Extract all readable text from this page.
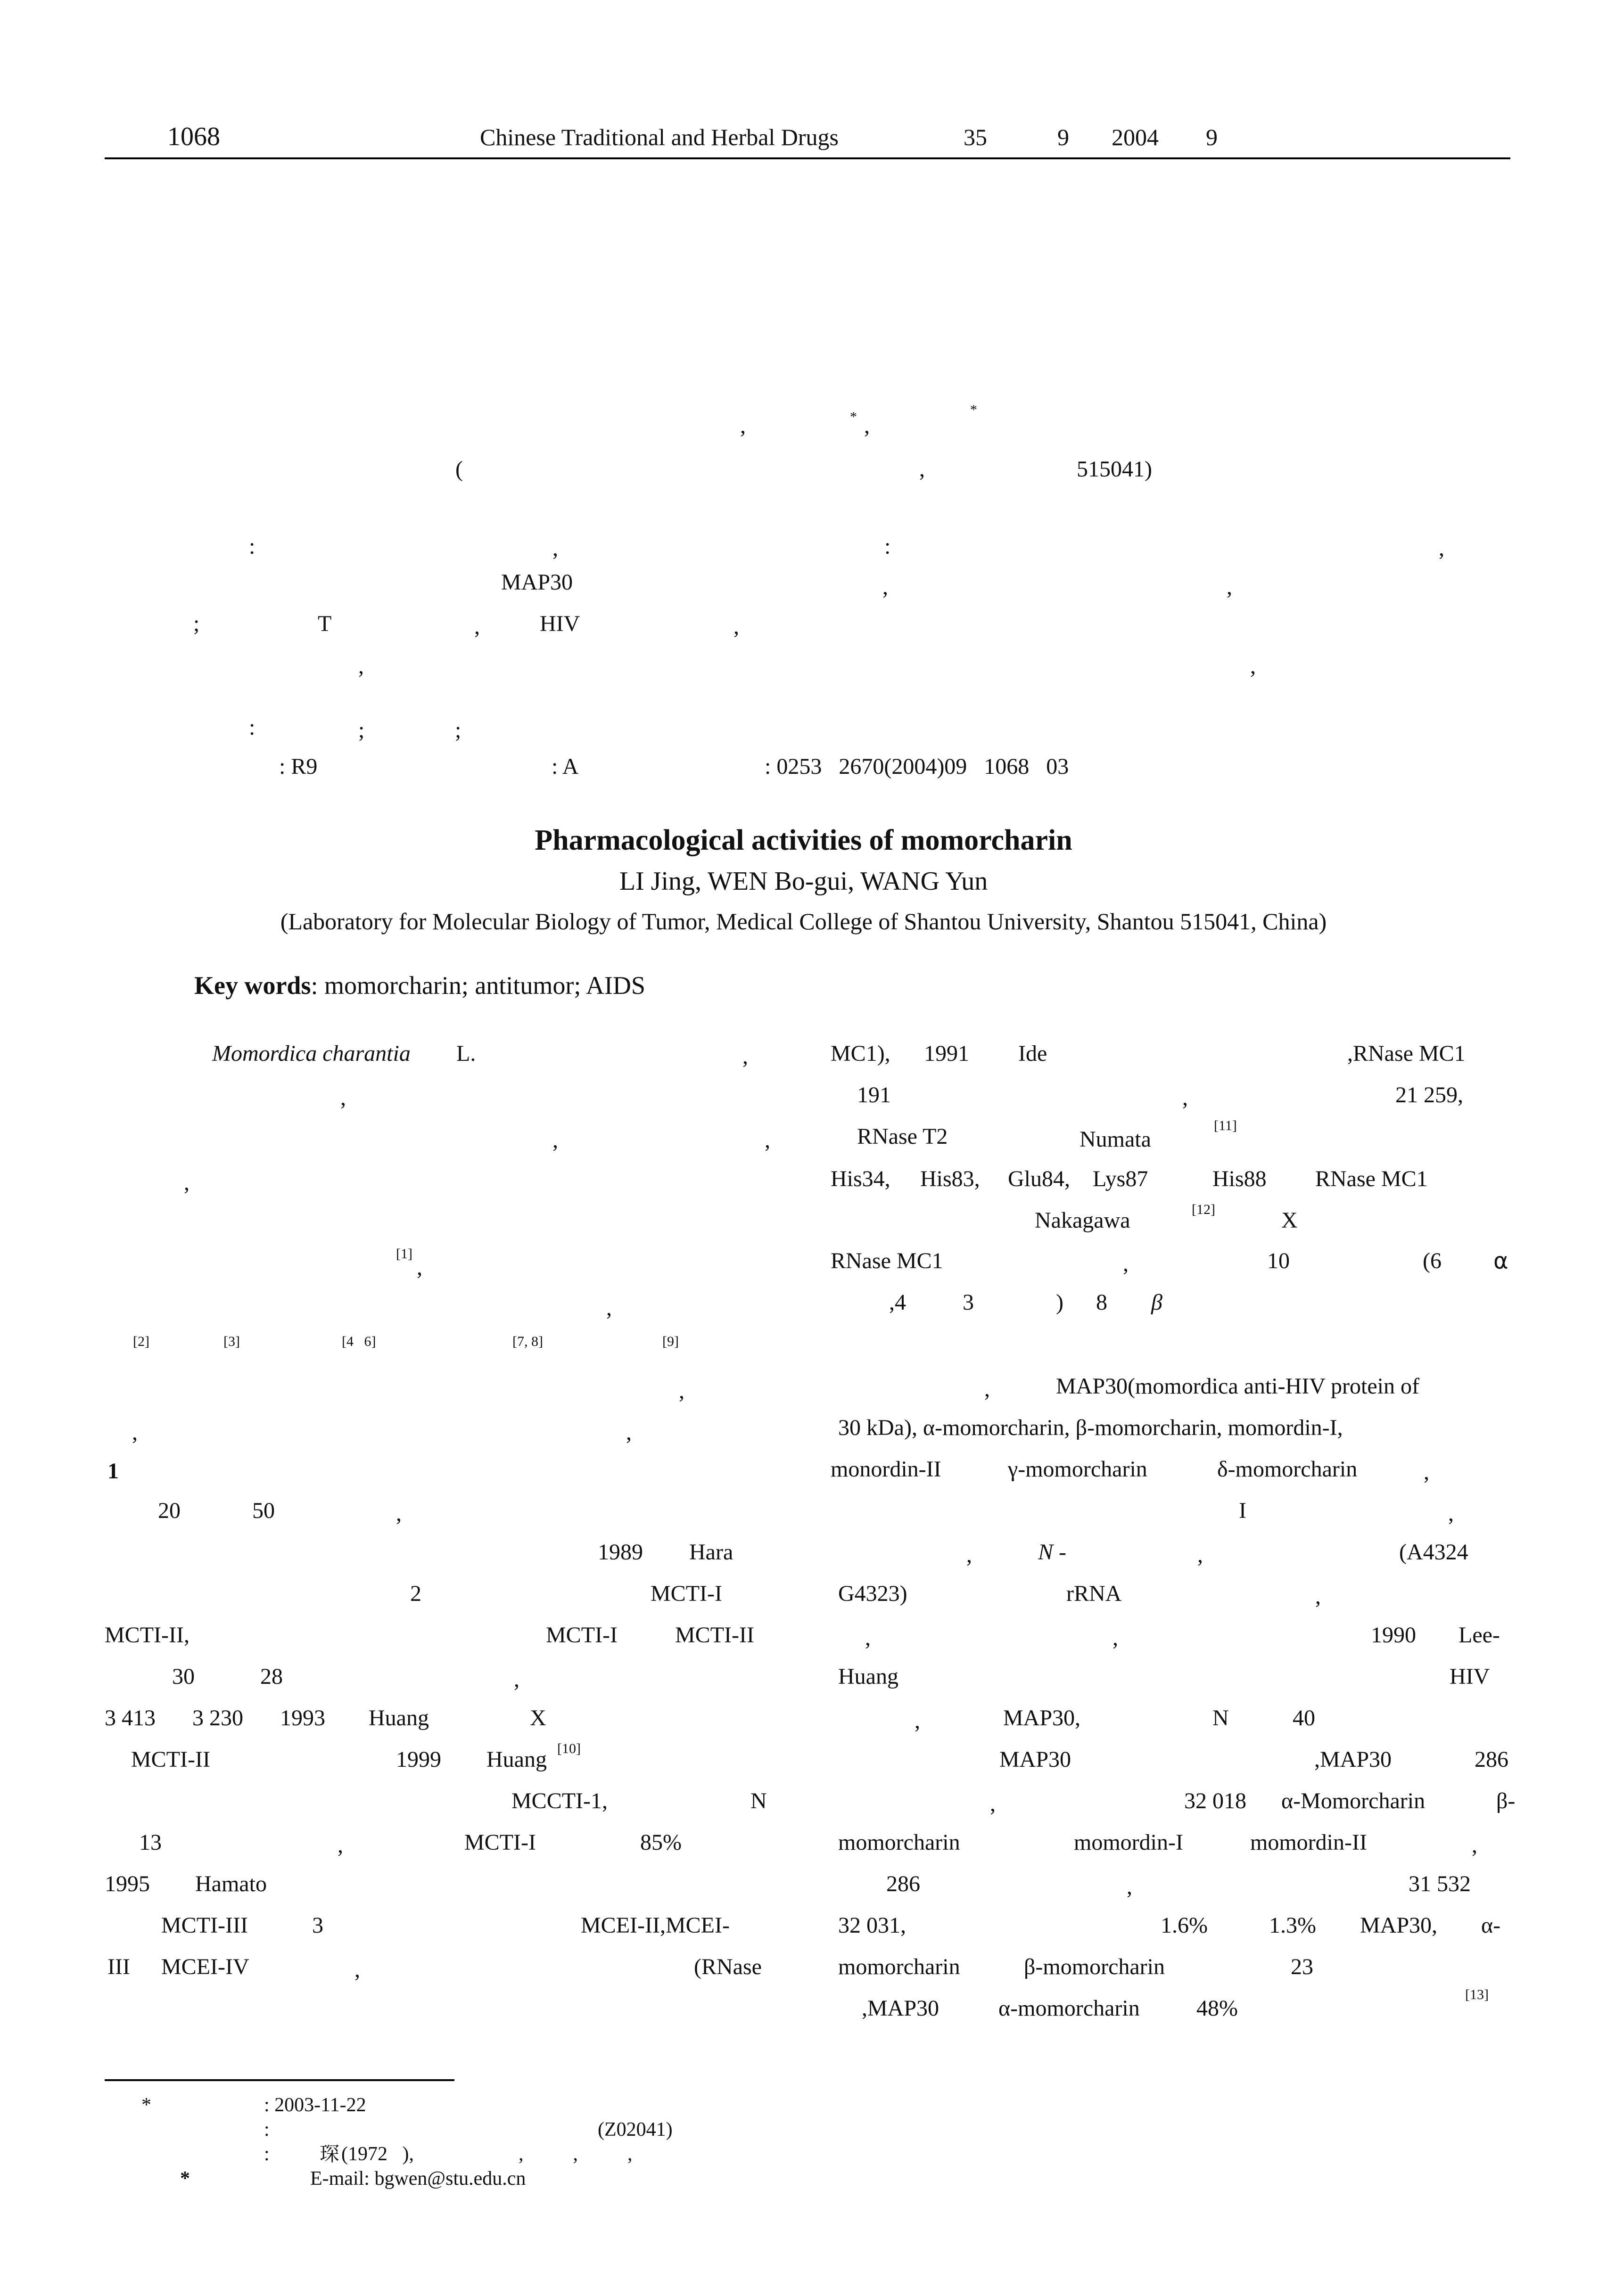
1068	Chinese Traditional and Herbal Drugs	35	9 2004 9
,	* ,
*
(	,	515041)
:	,	:	,
MAP30	,	,
;	T	,	HIV	,
,	,
:	;	;
: R9	: A	: 0253   2670(2004)09   1068   03
Pharmacological activities of momorcharin
LI Jing, WEN Bo-gui, WANG Yun
(Laboratory for Molecular Biology of Tumor, Medical College of Shantou University, Shantou 515041, China)

Key words: momorcharin; antitumor; AIDS

Momordica charantia L.	,
,
,	,
,
[1]
,
,
[2]	[3]	[4   6]	[7, 8]	[9]
,
,	,
1
20	50	,
1989 Hara
2	MCTI-I
MCTI-II,	MCTI-I	MCTI-II
30	28	,
3 413 3 230 1993 Huang	X
MCTI-II	1999 Huang [10]
MCCTI-1,	N
13	,	MCTI-I	85%
1995 Hamato
MCTI-III	3	MCEI-II,MCEI-
III MCEI-IV	,	(RNase
MC1), 1991 Ide	,RNase MC1
191	,	21 259,
RNase T2	Numata
[11]
His34, His83, Glu84, Lys87	His88 RNase MC1
Nakagawa	[12]	X
RNase MC1	,	10	(6 α
,4	3	) 8 β
,	MAP30(momordica anti-HIV protein of
30 kDa), α-momorcharin, β-momorcharin, momordin-I,
monordin-II	γ-momorcharin	δ-momorcharin	,
I	,
,	N -	,	(A4324
G4323)	rRNA	,
,	,	1990 Lee-
Huang	HIV
,	MAP30,	N	40
MAP30	,MAP30	286
,	32 018 α-Momorcharin	β-
momorcharin	momordin-I	momordin-II	,
286	,	31 532
32 031,	1.6%	1.3% MAP30, α-
momorcharin	β-momorcharin	23
,MAP30	α-momorcharin	48%
[13]
*	: 2003-11-22
:	(Z02041)
:	琛 (1972   ),	,          ,          ,
*	E-mail: bgwen@stu.edu.cn
